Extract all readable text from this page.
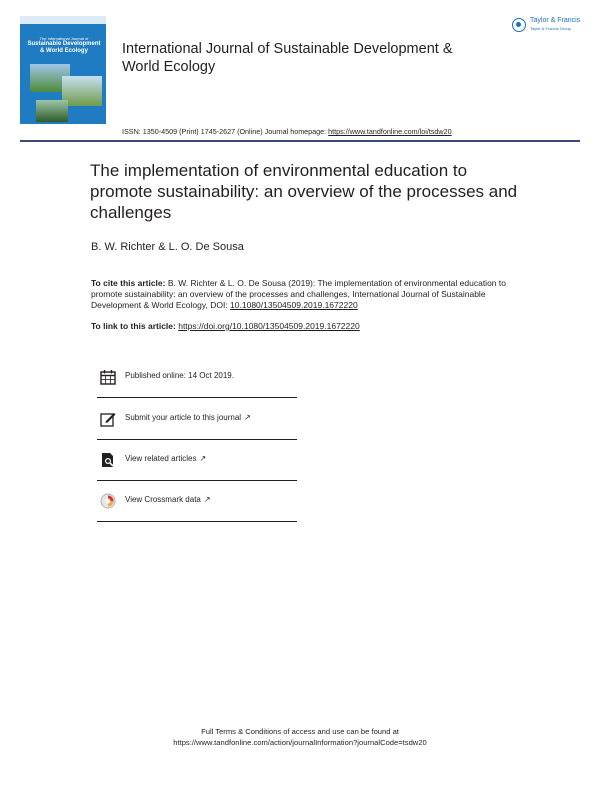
The International Journal of
Sustainable Development
& World Ecology	International Journal of Sustainable Development & World Ecology
ISSN: 1350-4509 (Print) 1745-2627 (Online) Journal homepage: https://www.tandfonline.com/loi/tsdw20
Taylor & Francis
Taylor & Francis Group
The implementation of environmental education to promote sustainability: an overview of the processes and challenges
B. W. Richter & L. O. De Sousa
To cite this article: B. W. Richter & L. O. De Sousa (2019): The implementation of environmental education to promote sustainability: an overview of the processes and challenges, International Journal of Sustainable Development & World Ecology, DOI: 10.1080/13504509.2019.1672220
To link to this article: https://doi.org/10.1080/13504509.2019.1672220
Published online: 14 Oct 2019.
Submit your article to this journal ↗
View related articles ↗
View Crossmark data ↗
Full Terms & Conditions of access and use can be found at
https://www.tandfonline.com/action/journalInformation?journalCode=tsdw20
